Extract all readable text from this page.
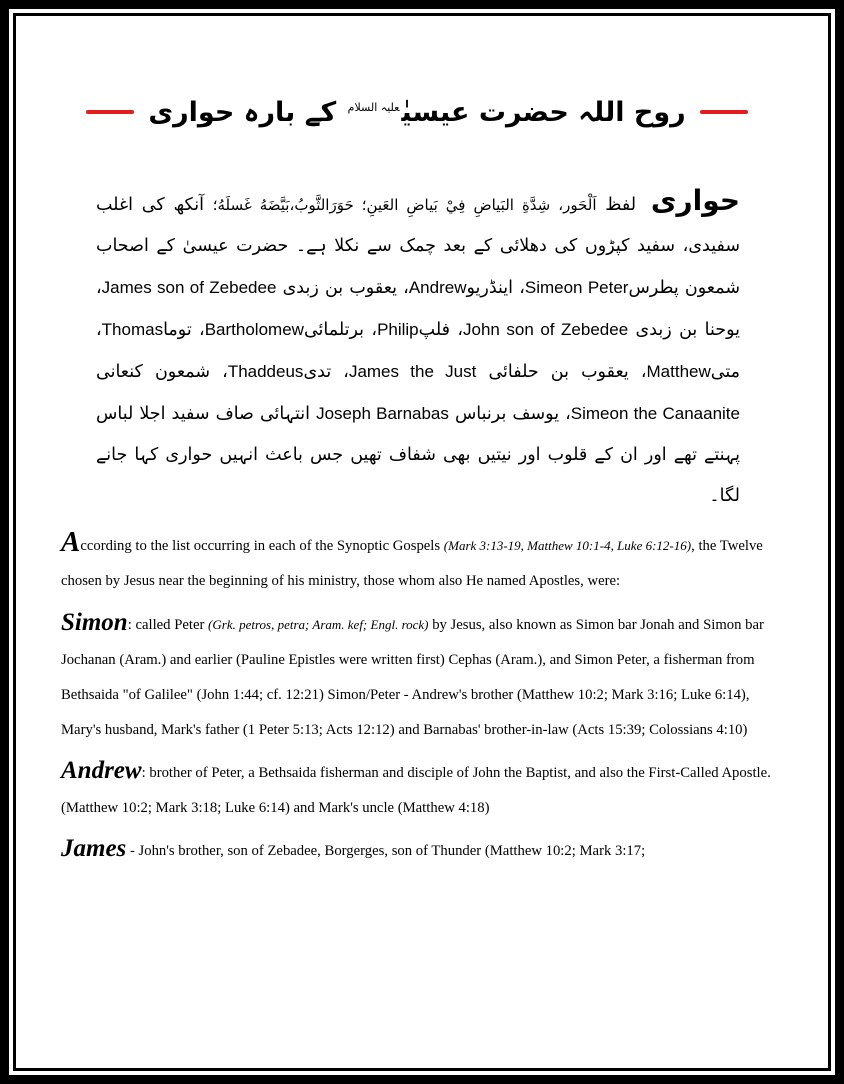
روح اللہ حضرت عیسیٰ$^{علیہ السلام}$ کے بارہ حواری
حواری لفظ اَلْحَور، شِدَّةِ البَياضِ فِيْ بَياضِ العَينِ؛ حَوَرَالثَّوبُ،بَيَّضَهُ غَسلَهُ؛ آنکھ کی اغلب سفیدی، سفید کپڑوں کی دھلائی کے بعد چمک سے نکلا ہے۔ حضرت عیسیٰ کے اصحاب شمعون پطرسSimeon Peter، اینڈریوAndrew، یعقوب بن زبدی James son of Zebedee، یوحنا بن زبدی John son of Zebedee، فلپPhilip، برتلمائیBartholomew، توماThomas، متیMatthew، یعقوب بن حلفائی James the Just، تدیThaddeus، شمعون کنعانی Simeon the Canaanite، یوسف برنباس Joseph Barnabas انتہائی صاف سفید اجلا لباس پہنتے تھے اور ان کے قلوب اور نیتیں بھی شفاف تھیں جس باعث انہیں حواری کہا جانے لگا۔

According to the list occurring in each of the Synoptic Gospels (Mark 3:13-19, Matthew 10:1-4, Luke 6:12-16), the Twelve chosen by Jesus near the beginning of his ministry, those whom also He named Apostles, were:

Simon: called Peter (Grk. petros, petra; Aram. kef; Engl. rock) by Jesus, also known as Simon bar Jonah and Simon bar Jochanan (Aram.) and earlier (Pauline Epistles were written first) Cephas (Aram.), and Simon Peter, a fisherman from Bethsaida "of Galilee" (John 1:44; cf. 12:21) Simon/Peter - Andrew's brother (Matthew 10:2; Mark 3:16; Luke 6:14), Mary's husband, Mark's father (1 Peter 5:13; Acts 12:12) and Barnabas' brother-in-law (Acts 15:39; Colossians 4:10)

Andrew: brother of Peter, a Bethsaida fisherman and disciple of John the Baptist, and also the First-Called Apostle. (Matthew 10:2; Mark 3:18; Luke 6:14) and Mark's uncle (Matthew 4:18)

James - John's brother, son of Zebadee, Borgerges, son of Thunder (Matthew 10:2; Mark 3:17;
